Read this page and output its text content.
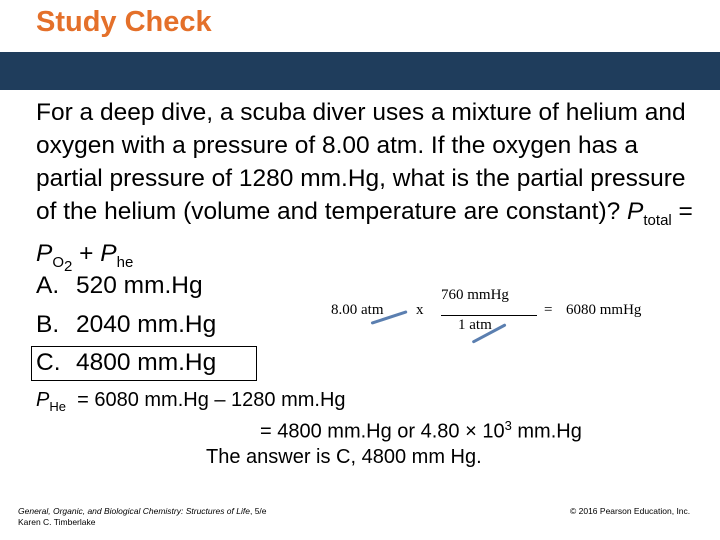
Study Check
For a deep dive, a scuba diver uses a mixture of helium and oxygen with a pressure of 8.00 atm. If the oxygen has a partial pressure of 1280 mm.Hg, what is the partial pressure of the helium (volume and temperature are constant)? $P_{total} = P_{O_2} + P_{he}$
A. 520 mm.Hg
B. 2040 mm.Hg
C. 4800 mm.Hg
8.00 atm x
760 mmHg
1 atm
= 6080 mmHg
$P_{He} = 6080$ mm.Hg – 1280 mm.Hg
= 4800 mm.Hg or $4.80 \times 10^3$ mm.Hg
The answer is C, 4800 mm Hg.
General, Organic, and Biological Chemistry: Structures of Life, 5/e
Karen C. Timberlake
© 2016 Pearson Education, Inc.
